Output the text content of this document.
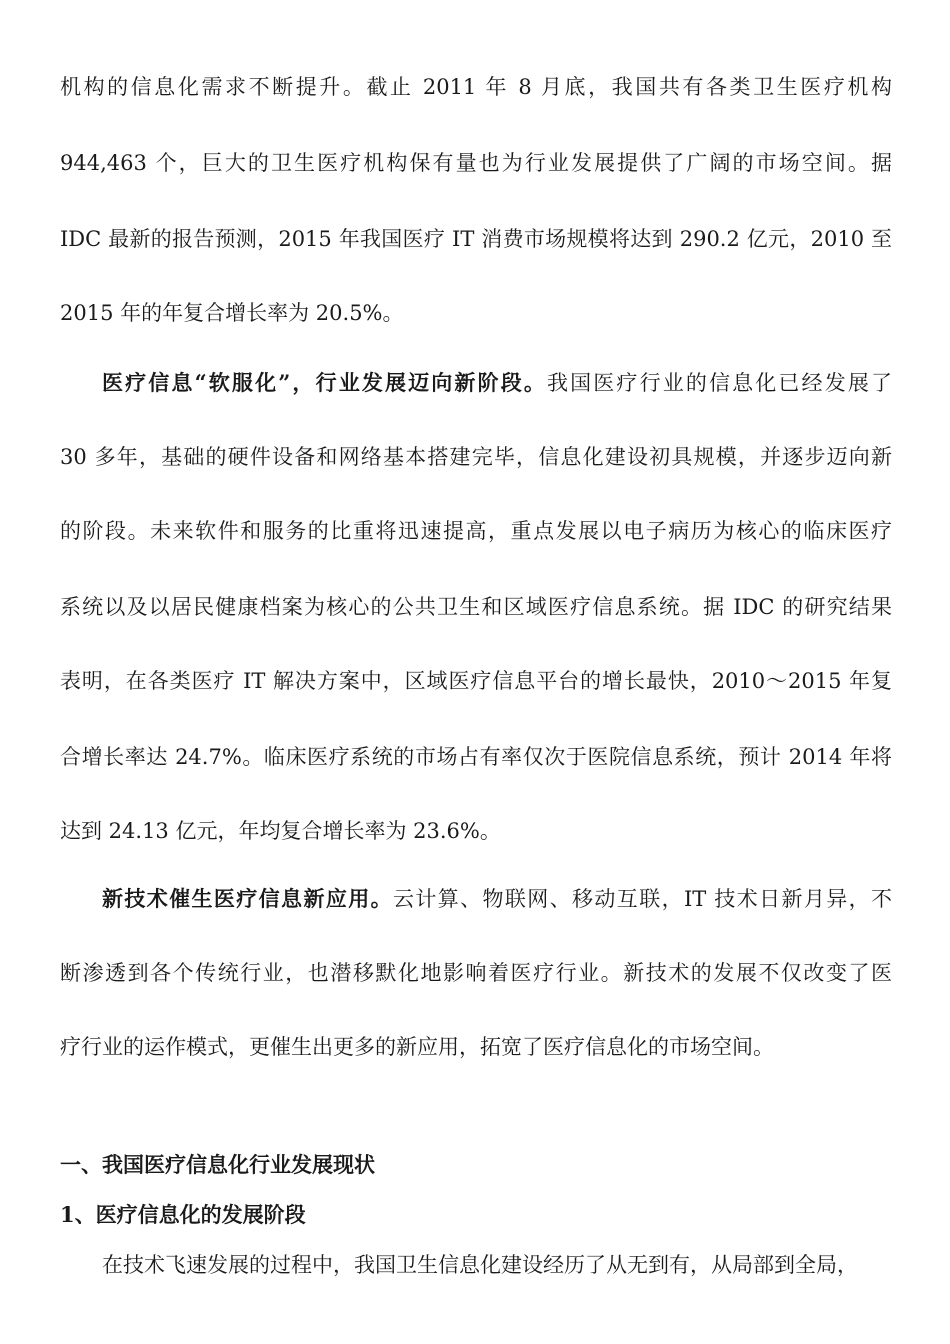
机构的信息化需求不断提升。截止 2011 年 8 月底，我国共有各类卫生医疗机构
944,463 个，巨大的卫生医疗机构保有量也为行业发展提供了广阔的市场空间。据
IDC 最新的报告预测，2015 年我国医疗 IT 消费市场规模将达到 290.2 亿元，2010 至
2015 年的年复合增长率为 20.5%。
医疗信息“软服化”，行业发展迈向新阶段。我国医疗行业的信息化已经发展了
30 多年，基础的硬件设备和网络基本搭建完毕，信息化建设初具规模，并逐步迈向新
的阶段。未来软件和服务的比重将迅速提高，重点发展以电子病历为核心的临床医疗
系统以及以居民健康档案为核心的公共卫生和区域医疗信息系统。据 IDC 的研究结果
表明，在各类医疗 IT 解决方案中，区域医疗信息平台的增长最快，2010～2015 年复
合增长率达 24.7%。临床医疗系统的市场占有率仅次于医院信息系统，预计 2014 年将
达到 24.13 亿元，年均复合增长率为 23.6%。
新技术催生医疗信息新应用。云计算、物联网、移动互联，IT 技术日新月异，不
断渗透到各个传统行业，也潜移默化地影响着医疗行业。新技术的发展不仅改变了医
疗行业的运作模式，更催生出更多的新应用，拓宽了医疗信息化的市场空间。
一、我国医疗信息化行业发展现状
1、医疗信息化的发展阶段
在技术飞速发展的过程中，我国卫生信息化建设经历了从无到有，从局部到全局，
